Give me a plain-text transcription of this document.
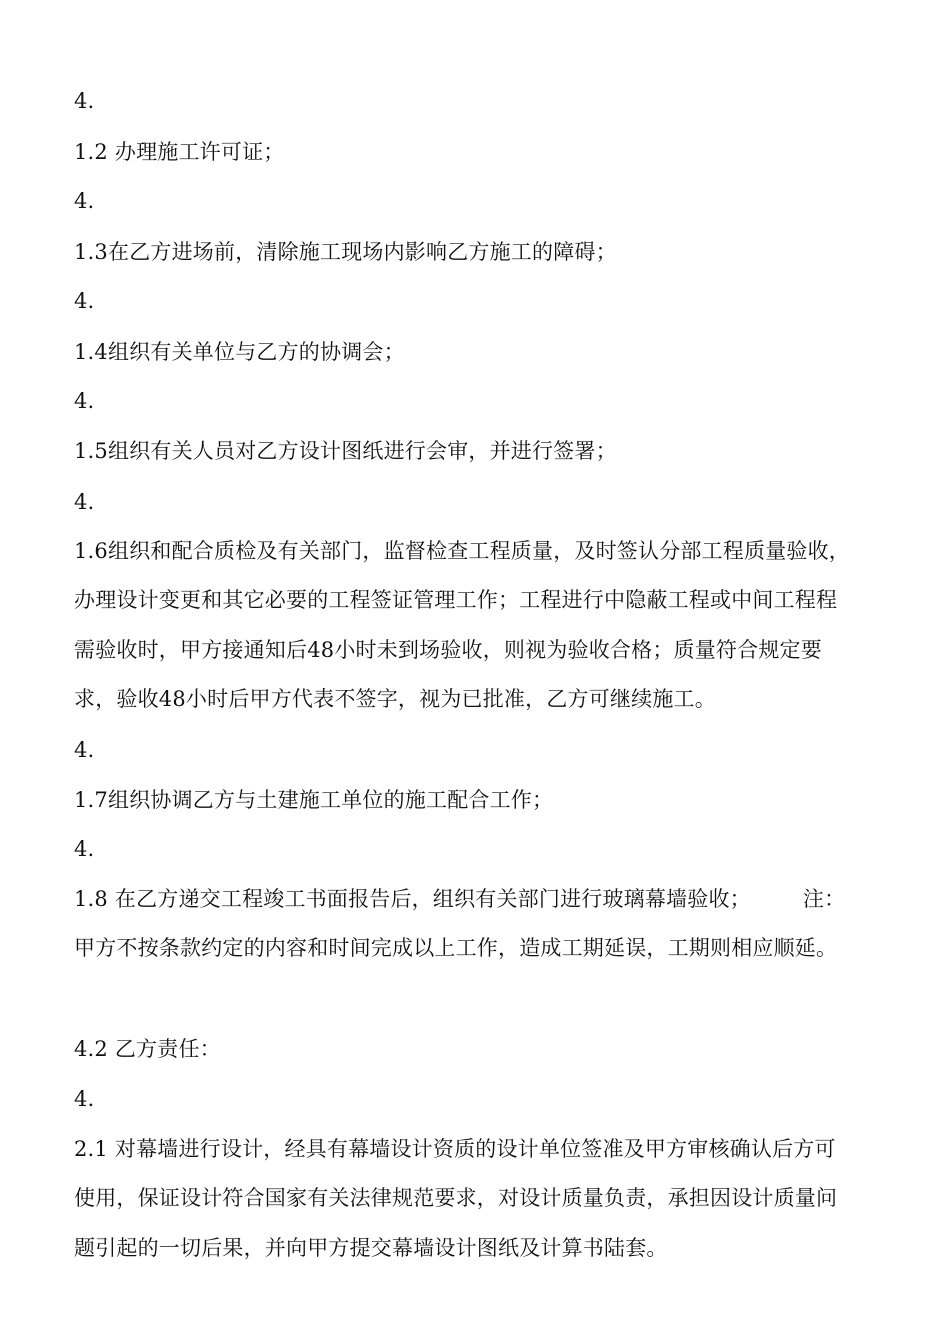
4.
1.2 办理施工许可证；
4.
1.3在乙方进场前，清除施工现场内影响乙方施工的障碍；
4.
1.4组织有关单位与乙方的协调会；
4.
1.5组织有关人员对乙方设计图纸进行会审，并进行签署；
4.
1.6组织和配合质检及有关部门，监督检查工程质量，及时签认分部工程质量验收，
办理设计变更和其它必要的工程签证管理工作；工程进行中隐蔽工程或中间工程程
需验收时，甲方接通知后48小时未到场验收，则视为验收合格；质量符合规定要
求，验收48小时后甲方代表不签字，视为已批准，乙方可继续施工。
4.
1.7组织协调乙方与土建施工单位的施工配合工作；
4.
1.8 在乙方递交工程竣工书面报告后，组织有关部门进行玻璃幕墙验收； 注：
甲方不按条款约定的内容和时间完成以上工作，造成工期延误，工期则相应顺延。
4.2 乙方责任：
4.
2.1 对幕墙进行设计，经具有幕墙设计资质的设计单位签准及甲方审核确认后方可
使用，保证设计符合国家有关法律规范要求，对设计质量负责，承担因设计质量问
题引起的一切后果，并向甲方提交幕墙设计图纸及计算书陆套。
